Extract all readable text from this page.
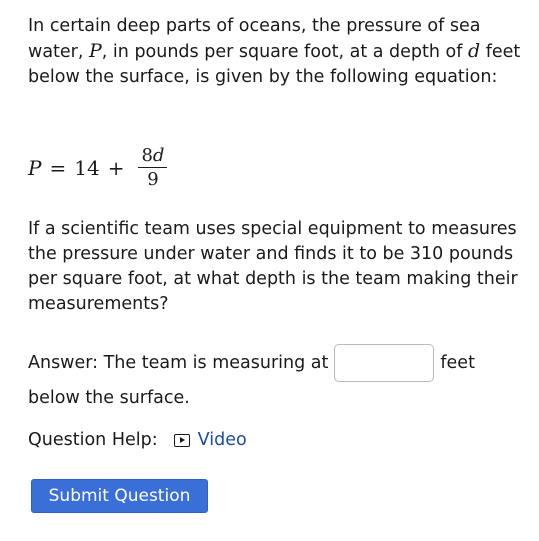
In certain deep parts of oceans, the pressure of sea water, P, in pounds per square foot, at a depth of d feet below the surface, is given by the following equation:
$P = 14 + \frac{8d}{9}$
If a scientific team uses special equipment to measures the pressure under water and finds it to be 310 pounds per square foot, at what depth is the team making their measurements?
Answer: The team is measuring at	feet
below the surface.
Question Help: Video
Submit Question
